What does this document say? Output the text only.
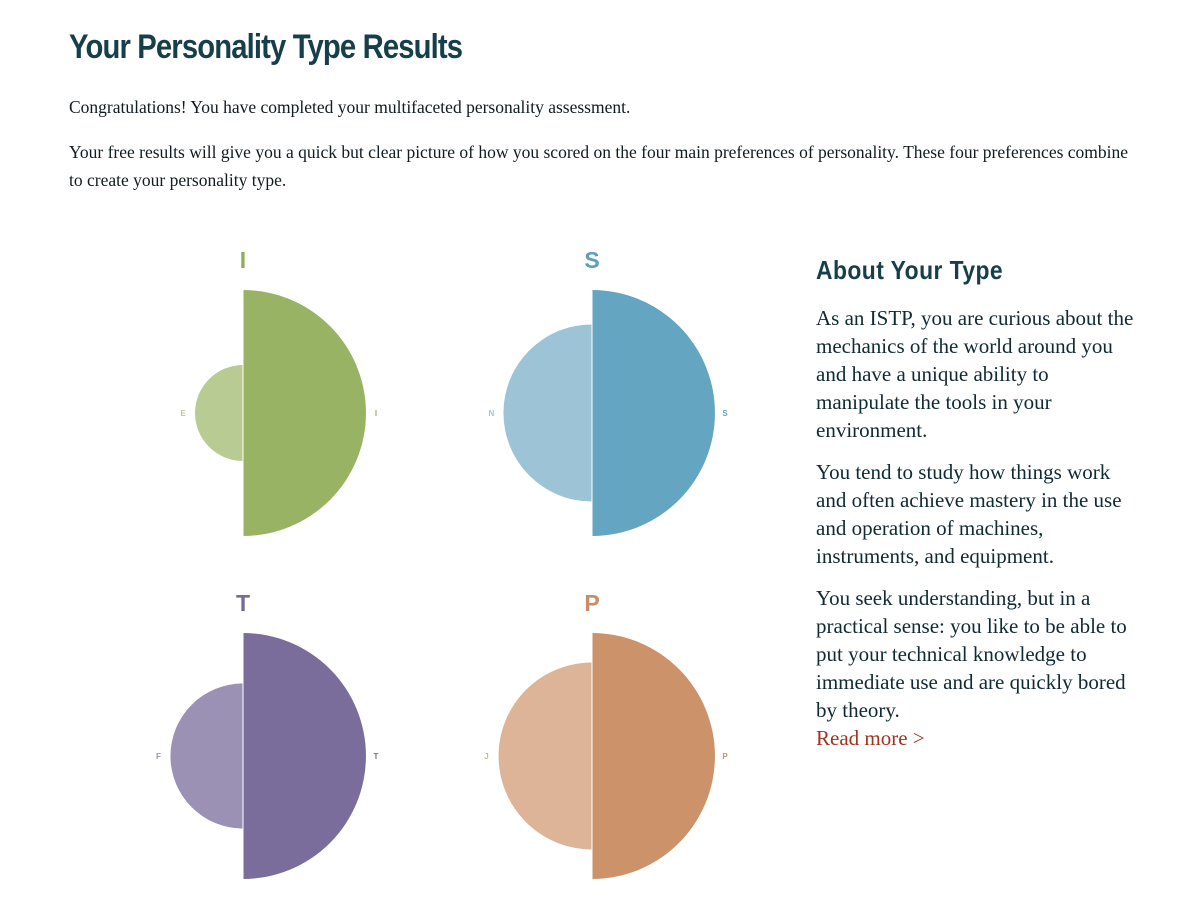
Your Personality Type Results

Congratulations! You have completed your multifaceted personality assessment.

Your free results will give you a quick but clear picture of how you scored on the four main preferences of personality. These four preferences combine to create your personality type.

I
E	I
S
N	S
T
F	T
P
J	P
About Your Type

As an ISTP, you are curious about the mechanics of the world around you and have a unique ability to manipulate the tools in your environment.

You tend to study how things work and often achieve mastery in the use and operation of machines, instruments, and equipment.

You seek understanding, but in a practical sense: you like to be able to put your technical knowledge to immediate use and are quickly bored by theory.
Read more >
